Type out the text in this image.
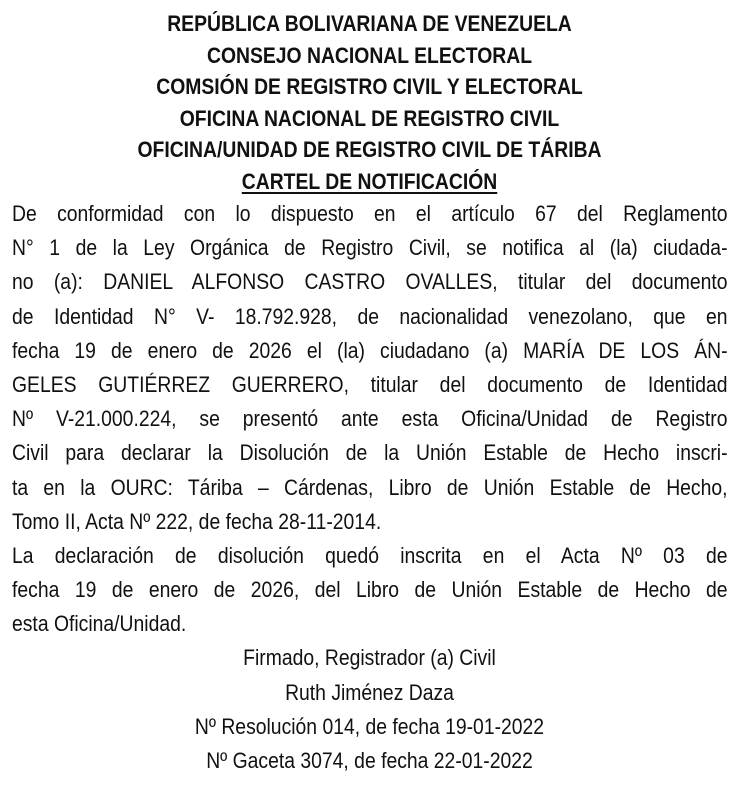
REPÚBLICA BOLIVARIANA DE VENEZUELA
CONSEJO NACIONAL ELECTORAL
COMSIÓN DE REGISTRO CIVIL Y ELECTORAL
OFICINA NACIONAL DE REGISTRO CIVIL
OFICINA/UNIDAD DE REGISTRO CIVIL DE TÁRIBA
CARTEL DE NOTIFICACIÓN
De conformidad con lo dispuesto en el artículo 67 del Reglamento
N° 1 de la Ley Orgánica de Registro Civil, se notifica al (la) ciudada-
no (a): DANIEL ALFONSO CASTRO OVALLES, titular del documento
de Identidad N° V- 18.792.928, de nacionalidad venezolano, que en
fecha 19 de enero de 2026 el (la) ciudadano (a) MARÍA DE LOS ÁN-
GELES GUTIÉRREZ GUERRERO, titular del documento de Identidad
Nº V-21.000.224, se presentó ante esta Oficina/Unidad de Registro
Civil para declarar la Disolución de la Unión Estable de Hecho inscri-
ta en la OURC: Táriba – Cárdenas, Libro de Unión Estable de Hecho,
Tomo II, Acta Nº 222, de fecha 28-11-2014.
La declaración de disolución quedó inscrita en el Acta Nº 03 de
fecha 19 de enero de 2026, del Libro de Unión Estable de Hecho de
esta Oficina/Unidad.
Firmado, Registrador (a) Civil
Ruth Jiménez Daza
Nº Resolución 014, de fecha 19-01-2022
Nº Gaceta 3074, de fecha 22-01-2022
